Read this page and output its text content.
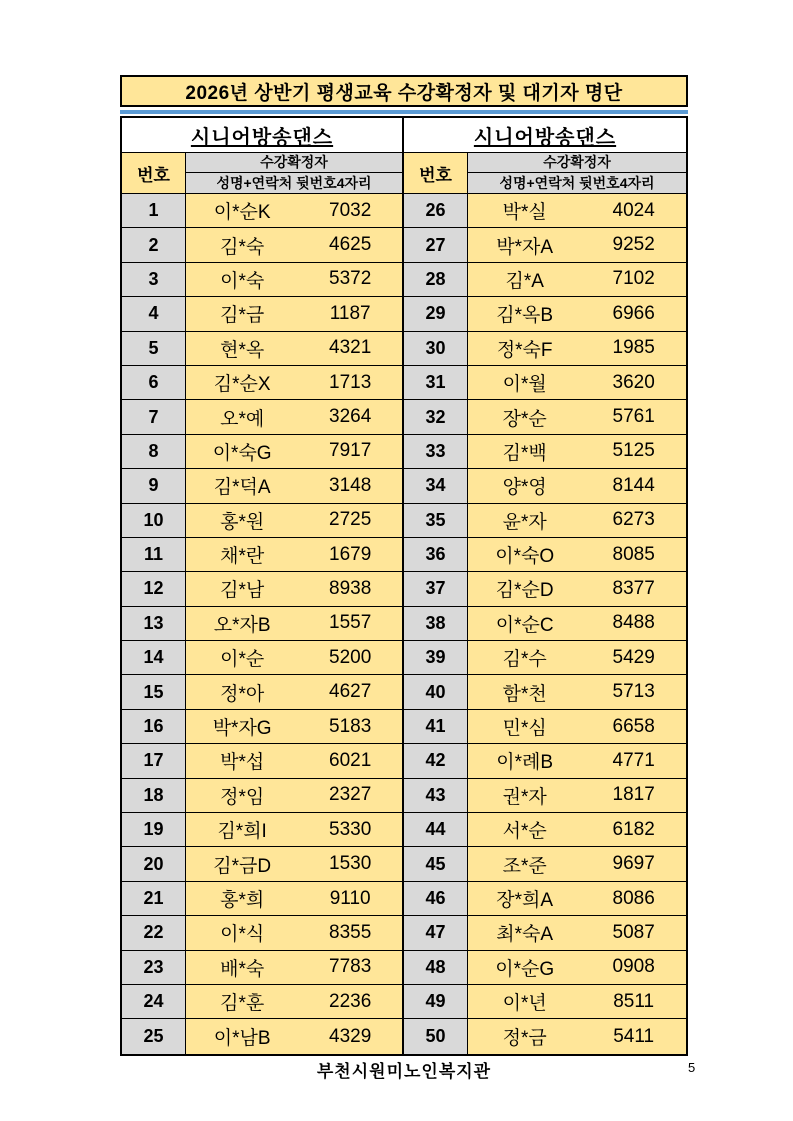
2026년 상반기 평생교육 수강확정자 및 대기자 명단
시니어방송댄스
번호
수강확정자
성명+연락처 뒷번호4자리
1	이*순K	7032
2	김*숙	4625
3	이*숙	5372
4	김*금	1187
5	현*옥	4321
6	김*순X	1713
7	오*예	3264
8	이*숙G	7917
9	김*덕A	3148
10	홍*원	2725
11	채*란	1679
12	김*남	8938
13	오*자B	1557
14	이*순	5200
15	정*아	4627
16	박*자G	5183
17	박*섭	6021
18	정*임	2327
19	김*희I	5330
20	김*금D	1530
21	홍*희	9110
22	이*식	8355
23	배*숙	7783
24	김*훈	2236
25	이*남B	4329
시니어방송댄스
번호
수강확정자
성명+연락처 뒷번호4자리
26	박*실	4024
27	박*자A	9252
28	김*A	7102
29	김*옥B	6966
30	정*숙F	1985
31	이*월	3620
32	장*순	5761
33	김*백	5125
34	양*영	8144
35	윤*자	6273
36	이*숙O	8085
37	김*순D	8377
38	이*순C	8488
39	김*수	5429
40	함*천	5713
41	민*심	6658
42	이*례B	4771
43	권*자	1817
44	서*순	6182
45	조*준	9697
46	장*희A	8086
47	최*숙A	5087
48	이*순G	0908
49	이*년	8511
50	정*금	5411
부천시원미노인복지관	5
